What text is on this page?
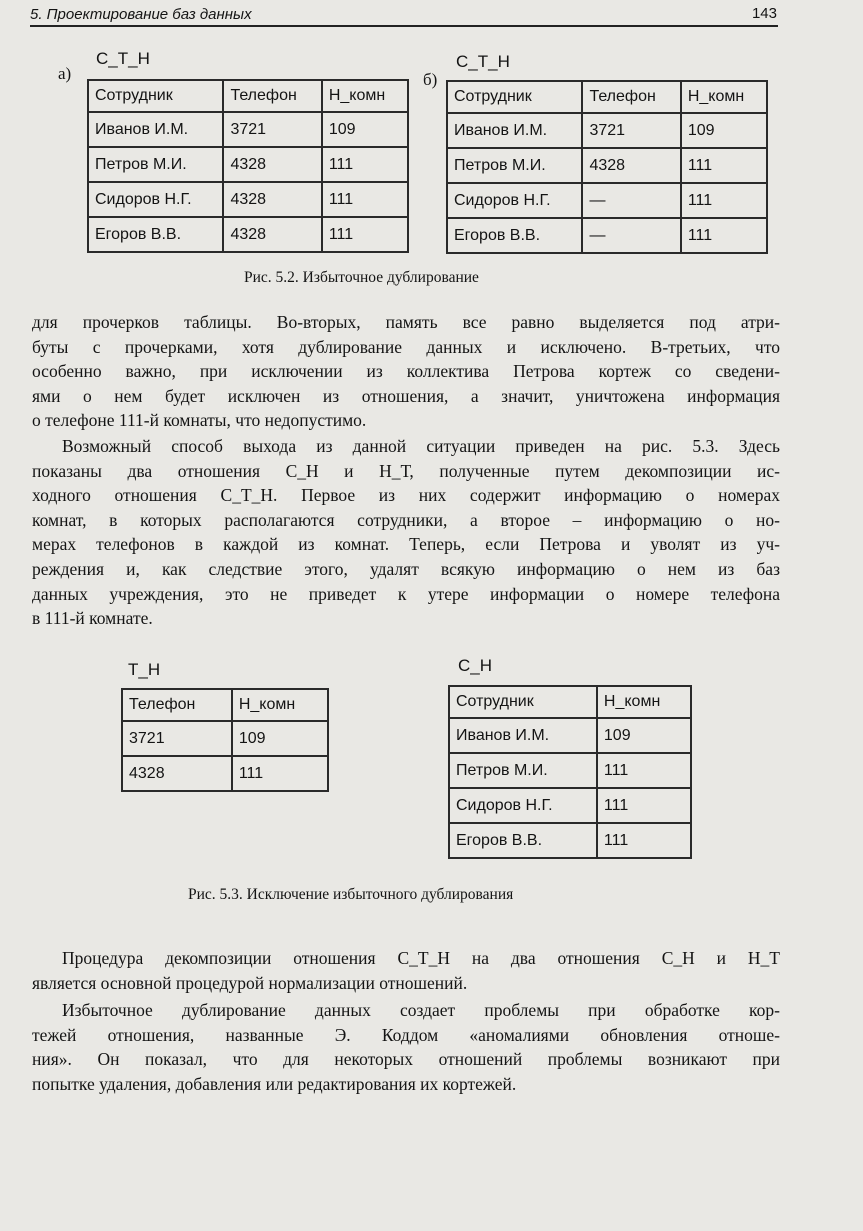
5. Проектирование баз данных	143
а)
С_Т_Н
Сотрудник	Телефон	Н_комн
Иванов И.М.	3721	109
Петров М.И.	4328	111
Сидоров Н.Г.	4328	111
Егоров В.В.	4328	111
б)
С_Т_Н
Сотрудник	Телефон	Н_комн
Иванов И.М.	3721	109
Петров М.И.	4328	111
Сидоров Н.Г.	—	111
Егоров В.В.	—	111
Рис. 5.2. Избыточное дублирование
для прочерков таблицы. Во-вторых, память все равно выделяется под атри-
буты с прочерками, хотя дублирование данных и исключено. В-третьих, что
особенно важно, при исключении из коллектива Петрова кортеж со сведени-
ями о нем будет исключен из отношения, а значит, уничтожена информация
о телефоне 111-й комнаты, что недопустимо.
Возможный способ выхода из данной ситуации приведен на рис. 5.3. Здесь
показаны два отношения С_Н и Н_Т, полученные путем декомпозиции ис-
ходного отношения С_Т_Н. Первое из них содержит информацию о номерах
комнат, в которых располагаются сотрудники, а второе – информацию о но-
мерах телефонов в каждой из комнат. Теперь, если Петрова и уволят из уч-
реждения и, как следствие этого, удалят всякую информацию о нем из баз
данных учреждения, это не приведет к утере информации о номере телефона
в 111-й комнате.
Т_Н
Телефон	Н_комн
3721	109
4328	111
С_Н
Сотрудник	Н_комн
Иванов И.М.	109
Петров М.И.	111
Сидоров Н.Г.	111
Егоров В.В.	111
Рис. 5.3. Исключение избыточного дублирования
Процедура декомпозиции отношения С_Т_Н на два отношения С_Н и Н_Т
является основной процедурой нормализации отношений.
Избыточное дублирование данных создает проблемы при обработке кор-
тежей отношения, названные Э. Коддом «аномалиями обновления отноше-
ния». Он показал, что для некоторых отношений проблемы возникают при
попытке удаления, добавления или редактирования их кортежей.
